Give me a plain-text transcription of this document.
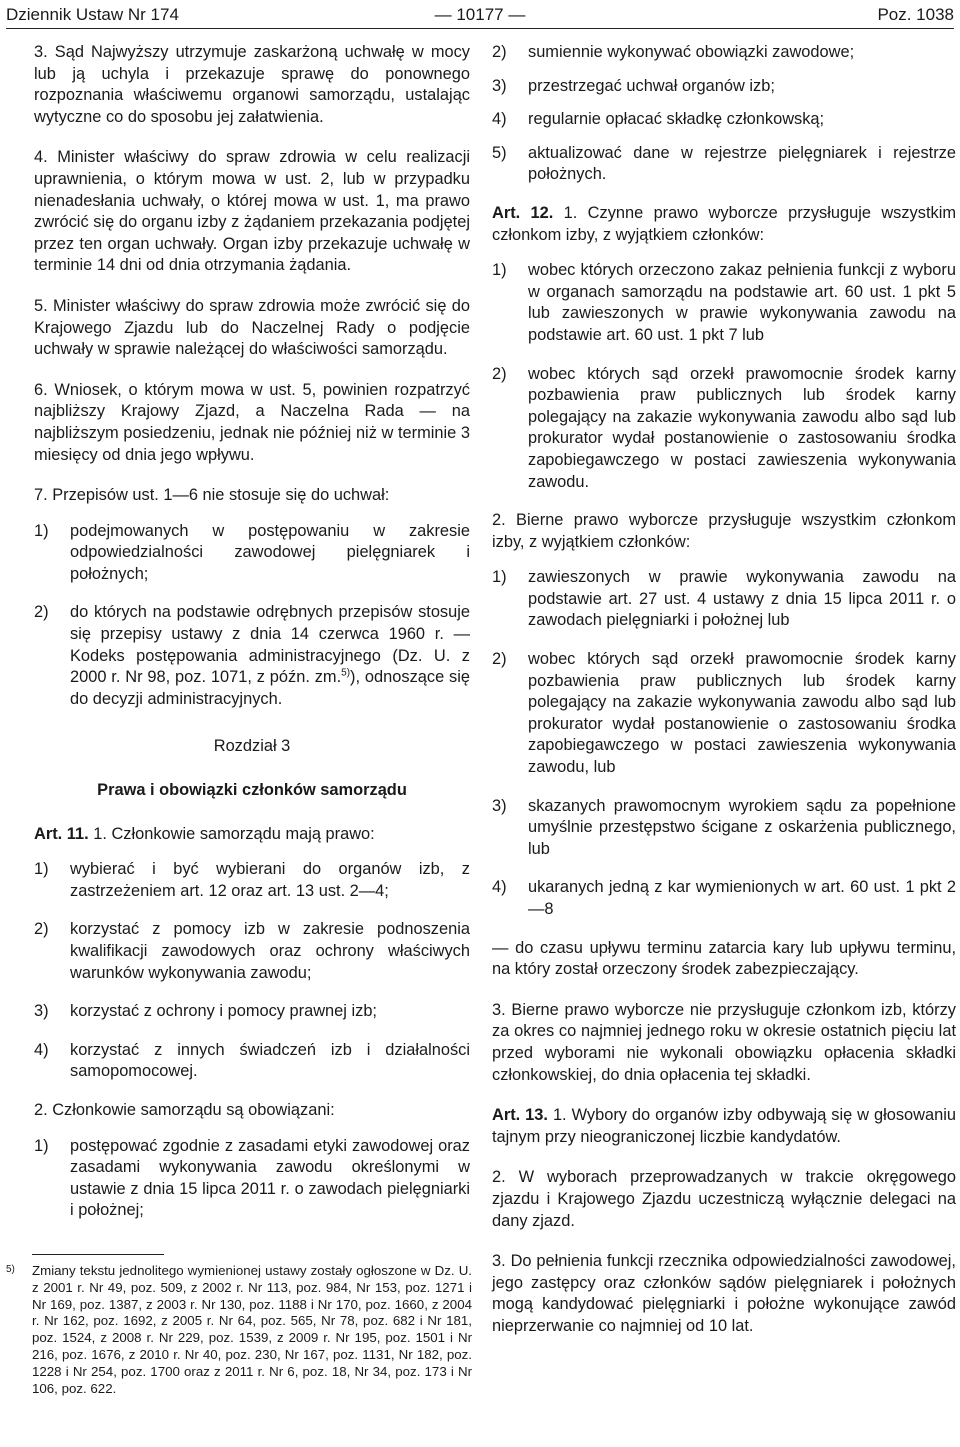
Dziennik Ustaw Nr 174	— 10177 —	Poz. 1038

3. Sąd Najwyższy utrzymuje zaskarżoną uchwałę w mocy lub ją uchyla i przekazuje sprawę do ponownego rozpoznania właściwemu organowi samorządu, ustalając wytyczne co do sposobu jej załatwienia.

4. Minister właściwy do spraw zdrowia w celu realizacji uprawnienia, o którym mowa w ust. 2, lub w przypadku nienadesłania uchwały, o której mowa w ust. 1, ma prawo zwrócić się do organu izby z żądaniem przekazania podjętej przez ten organ uchwały. Organ izby przekazuje uchwałę w terminie 14 dni od dnia otrzymania żądania.

5. Minister właściwy do spraw zdrowia może zwrócić się do Krajowego Zjazdu lub do Naczelnej Rady o podjęcie uchwały w sprawie należącej do właściwości samorządu.

6. Wniosek, o którym mowa w ust. 5, powinien rozpatrzyć najbliższy Krajowy Zjazd, a Naczelna Rada — na najbliższym posiedzeniu, jednak nie później niż w terminie 3 miesięcy od dnia jego wpływu.

7. Przepisów ust. 1—6 nie stosuje się do uchwał:

1) podejmowanych w postępowaniu w zakresie odpowiedzialności zawodowej pielęgniarek i położnych;
2) do których na podstawie odrębnych przepisów stosuje się przepisy ustawy z dnia 14 czerwca 1960 r. — Kodeks postępowania administracyjnego (Dz. U. z 2000 r. Nr 98, poz. 1071, z późn. zm.$^{5)}$), odnoszące się do decyzji administracyjnych.
Rozdział 3
Prawa i obowiązki członków samorządu

Art. 11. 1. Członkowie samorządu mają prawo:

1) wybierać i być wybierani do organów izb, z zastrzeżeniem art. 12 oraz art. 13 ust. 2—4;
2) korzystać z pomocy izb w zakresie podnoszenia kwalifikacji zawodowych oraz ochrony właściwych warunków wykonywania zawodu;
3) korzystać z ochrony i pomocy prawnej izb;
4) korzystać z innych świadczeń izb i działalności samopomocowej.

2. Członkowie samorządu są obowiązani:

1) postępować zgodnie z zasadami etyki zawodowej oraz zasadami wykonywania zawodu określonymi w ustawie z dnia 15 lipca 2011 r. o zawodach pielęgniarki i położnej;
5)	Zmiany tekstu jednolitego wymienionej ustawy zostały ogłoszone w Dz. U. z 2001 r. Nr 49, poz. 509, z 2002 r. Nr 113, poz. 984, Nr 153, poz. 1271 i Nr 169, poz. 1387, z 2003 r. Nr 130, poz. 1188 i Nr 170, poz. 1660, z 2004 r. Nr 162, poz. 1692, z 2005 r. Nr 64, poz. 565, Nr 78, poz. 682 i Nr 181, poz. 1524, z 2008 r. Nr 229, poz. 1539, z 2009 r. Nr 195, poz. 1501 i Nr 216, poz. 1676, z 2010 r. Nr 40, poz. 230, Nr 167, poz. 1131, Nr 182, poz. 1228 i Nr 254, poz. 1700 oraz z 2011 r. Nr 6, poz. 18, Nr 34, poz. 173 i Nr 106, poz. 622.
2) sumiennie wykonywać obowiązki zawodowe;
3) przestrzegać uchwał organów izb;
4) regularnie opłacać składkę członkowską;
5) aktualizować dane w rejestrze pielęgniarek i rejestrze położnych.

Art. 12. 1. Czynne prawo wyborcze przysługuje wszystkim członkom izby, z wyjątkiem członków:

1) wobec których orzeczono zakaz pełnienia funkcji z wyboru w organach samorządu na podstawie art. 60 ust. 1 pkt 5 lub zawieszonych w prawie wykonywania zawodu na podstawie art. 60 ust. 1 pkt 7 lub
2) wobec których sąd orzekł prawomocnie środek karny pozbawienia praw publicznych lub środek karny polegający na zakazie wykonywania zawodu albo sąd lub prokurator wydał postanowienie o zastosowaniu środka zapobiegawczego w postaci zawieszenia wykonywania zawodu.

2. Bierne prawo wyborcze przysługuje wszystkim członkom izby, z wyjątkiem członków:

1) zawieszonych w prawie wykonywania zawodu na podstawie art. 27 ust. 4 ustawy z dnia 15 lipca 2011 r. o zawodach pielęgniarki i położnej lub
2) wobec których sąd orzekł prawomocnie środek karny pozbawienia praw publicznych lub środek karny polegający na zakazie wykonywania zawodu albo sąd lub prokurator wydał postanowienie o zastosowaniu środka zapobiegawczego w postaci zawieszenia wykonywania zawodu, lub
3) skazanych prawomocnym wyrokiem sądu za popełnione umyślnie przestępstwo ścigane z oskarżenia publicznego, lub
4) ukaranych jedną z kar wymienionych w art. 60 ust. 1 pkt 2—8

— do czasu upływu terminu zatarcia kary lub upływu terminu, na który został orzeczony środek zabezpieczający.

3. Bierne prawo wyborcze nie przysługuje członkom izb, którzy za okres co najmniej jednego roku w okresie ostatnich pięciu lat przed wyborami nie wykonali obowiązku opłacenia składki członkowskiej, do dnia opłacenia tej składki.

Art. 13. 1. Wybory do organów izby odbywają się w głosowaniu tajnym przy nieograniczonej liczbie kandydatów.

2. W wyborach przeprowadzanych w trakcie okręgowego zjazdu i Krajowego Zjazdu uczestniczą wyłącznie delegaci na dany zjazd.

3. Do pełnienia funkcji rzecznika odpowiedzialności zawodowej, jego zastępcy oraz członków sądów pielęgniarek i położnych mogą kandydować pielęgniarki i położne wykonujące zawód nieprzerwanie co najmniej od 10 lat.
